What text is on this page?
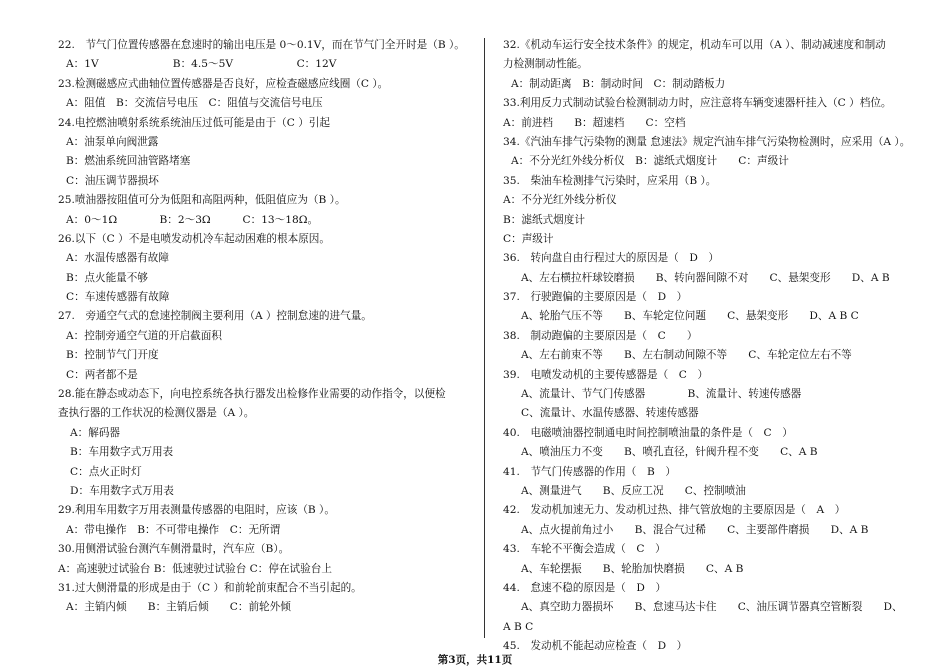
22.　节气门位置传感器在怠速时的输出电压是 0～0.1V，而在节气门全开时是（B ）。
A：1V　　　　　　　B：4.5～5V　　　　　　C：12V
23.检测磁感应式曲轴位置传感器是否良好，应检查磁感应线圈（C ）。
A：阻值　B：交流信号电压　C：阻值与交流信号电压
24.电控燃油喷射系统系统油压过低可能是由于（C ）引起
A：油泵单向阀泄露
B：燃油系统回油管路堵塞
C：油压调节器损坏
25.喷油器按阻值可分为低阻和高阻两种，低阻值应为（B ）。
A：0～1Ω　　　　B：2～3Ω　　　C：13～18Ω。
26.以下（C ）不是电喷发动机冷车起动困难的根本原因。
A：水温传感器有故障
B：点火能量不够
C：车速传感器有故障
27.　旁通空气式的怠速控制阀主要利用（A ）控制怠速的进气量。
A：控制旁通空气道的开启截面积
B：控制节气门开度
C：两者都不是
28.能在静态或动态下，向电控系统各执行器发出检修作业需要的动作指令，以便检
查执行器的工作状况的检测仪器是（A ）。
A：解码器
B：车用数字式万用表
C：点火正时灯
D：车用数字式万用表
29.利用车用数字万用表测量传感器的电阻时，应该（B ）。
A：带电操作　B：不可带电操作　C：无所谓
30.用侧滑试验台测汽车侧滑量时，汽车应（B）。
A：高速驶过试验台 B：低速驶过试验台 C：停在试验台上
31.过大侧滑量的形成是由于（C ）和前轮前束配合不当引起的。
A：主销内倾　　B：主销后倾　　C：前轮外倾
32.《机动车运行安全技术条件》的规定，机动车可以用（A ）、制动减速度和制动
力检测制动性能。
A：制动距离　B：制动时间　C：制动踏板力
33.利用反力式制动试验台检测制动力时，应注意将车辆变速器杆挂入（C ）档位。
A：前进档　　B：超速档　　C：空档
34.《汽油车排气污染物的测量 怠速法》规定汽油车排气污染物检测时，应采用（A ）。
A：不分光红外线分析仪　B：滤纸式烟度计　　C：声级计
35.　柴油车检测排气污染时，应采用（B ）。
A：不分光红外线分析仪
B：滤纸式烟度计
C：声级计
36.　转向盘自由行程过大的原因是（　D　）
A、左右横拉杆球铰磨损　　B、转向器间隙不对　　C、悬架变形　　D、A B
37.　行驶跑偏的主要原因是（　D　）
A、轮胎气压不等　　B、车轮定位问题　　C、悬架变形　　D、A B C
38.　制动跑偏的主要原因是（　C　　）
A、左右前束不等　　B、左右制动间隙不等　　C、车轮定位左右不等
39.　电喷发动机的主要传感器是（　C　）
A、流量计、节气门传感器　　　　B、流量计、转速传感器
C、流量计、水温传感器、转速传感器
40.　电磁喷油器控制通电时间控制喷油量的条件是（　C　）
A、喷油压力不变　　B、喷孔直径，针阀升程不变　　C、A B
41.　节气门传感器的作用（　B　）
A、测量进气　　B、反应工况　　C、控制喷油
42.　发动机加速无力、发动机过热、排气管放炮的主要原因是（　A　）
A、点火提前角过小　　B、混合气过稀　　C、主要部件磨损　　D、A B
43.　车轮不平衡会造成（　C　）
A、车轮摆振　　B、轮胎加快磨损　　C、A B
44.　怠速不稳的原因是（　D　）
A、真空助力器损坏　　B、怠速马达卡住　　C、油压调节器真空管断裂　　D、
A B C
45.　发动机不能起动应检查（　D　）
第3页，共11页
